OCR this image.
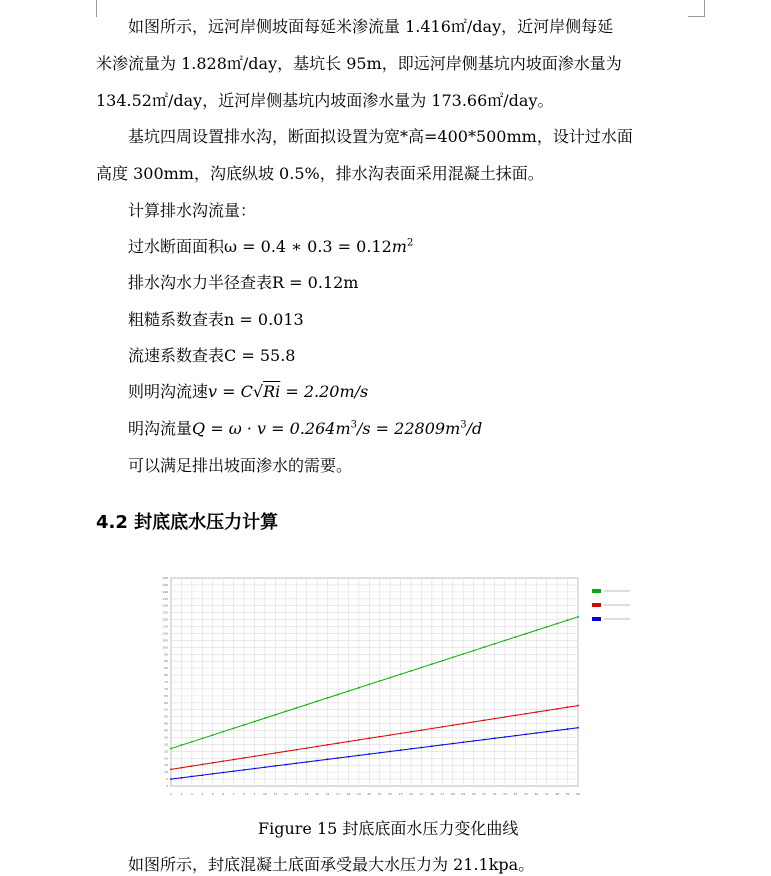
如图所示，远河岸侧坡面每延米渗流量 1.416㎡/day，近河岸侧每延
米渗流量为 1.828㎡/day，基坑长 95m，即远河岸侧基坑内坡面渗水量为
134.52㎡/day，近河岸侧基坑内坡面渗水量为 173.66㎡/day。
基坑四周设置排水沟，断面拟设置为宽*高=400*500mm，设计过水面
高度 300mm，沟底纵坡 0.5%，排水沟表面采用混凝土抹面。
计算排水沟流量：
过水断面面积ω = 0.4 ∗ $0.3 = 0.12m^2$
排水沟水力半径查表R = 0.12m
粗糙系数查表n = 0.013
流速系数查表C = 55.8
则明沟流速v = C√Ri = 2.20m/s
明沟流量$Q = \omega \cdot v = 0.264m^3/s = 22809m^3/d$
可以满足排出坡面渗水的需要。
4.2 封底底水压力计算
1	2	3	4	5	6	7	8	9	10 11 12 13 14 15 16 17 18 19 20 21 22 23 24 25 26 27 28 29 30 31 32 33 34 35 36 37 38 39 40
0
5
10
15
20
25
30
35
40
45
50
55
60
65
70
75
80
85
90
95
100
105
110
115
120
125
130
135
140
145
150
Figure 15 封底底面水压力变化曲线
如图所示，封底混凝土底面承受最大水压力为 21.1kpa。
